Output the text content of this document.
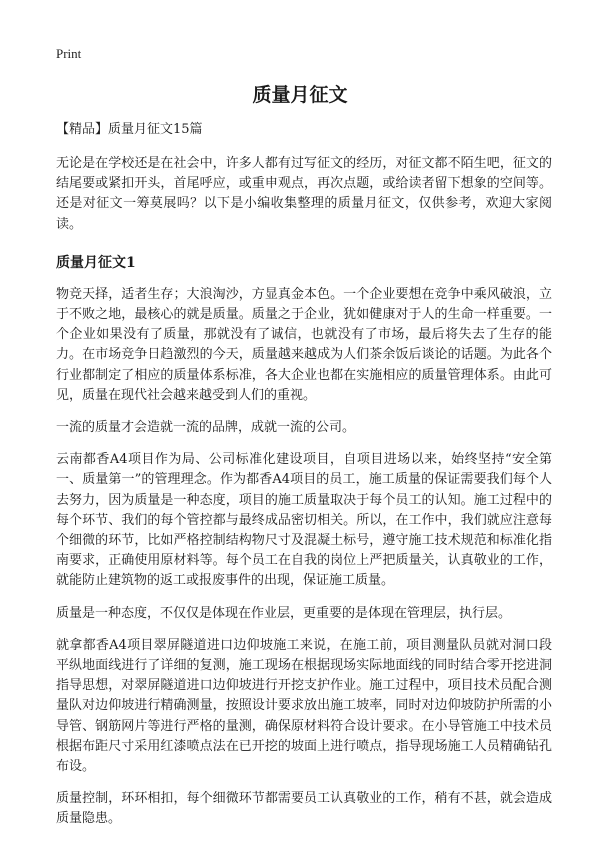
Print
质量月征文
【精品】质量月征文15篇

无论是在学校还是在社会中，许多人都有过写征文的经历，对征文都不陌生吧，征文的结尾要或紧扣开头，首尾呼应，或重申观点，再次点题，或给读者留下想象的空间等。还是对征文一筹莫展吗？以下是小编收集整理的质量月征文，仅供参考，欢迎大家阅读。

质量月征文1

物竞天择，适者生存；大浪淘沙，方显真金本色。一个企业要想在竞争中乘风破浪，立于不败之地，最核心的就是质量。质量之于企业，犹如健康对于人的生命一样重要。一个企业如果没有了质量，那就没有了诚信，也就没有了市场，最后将失去了生存的能力。在市场竞争日趋激烈的今天，质量越来越成为人们茶余饭后谈论的话题。为此各个行业都制定了相应的质量体系标准，各大企业也都在实施相应的质量管理体系。由此可见，质量在现代社会越来越受到人们的重视。

一流的质量才会造就一流的品牌，成就一流的公司。

云南都香A4项目作为局、公司标准化建设项目，自项目进场以来，始终坚持“安全第一、质量第一”的管理理念。作为都香A4项目的员工，施工质量的保证需要我们每个人去努力，因为质量是一种态度，项目的施工质量取决于每个员工的认知。施工过程中的每个环节、我们的每个管控都与最终成品密切相关。所以，在工作中，我们就应注意每个细微的环节，比如严格控制结构物尺寸及混凝土标号，遵守施工技术规范和标准化指南要求，正确使用原材料等。每个员工在自我的岗位上严把质量关，认真敬业的工作，就能防止建筑物的返工或报废事件的出现，保证施工质量。

质量是一种态度，不仅仅是体现在作业层，更重要的是体现在管理层，执行层。

就拿都香A4项目翠屏隧道进口边仰坡施工来说，在施工前，项目测量队员就对洞口段平纵地面线进行了详细的复测，施工现场在根据现场实际地面线的同时结合零开挖进洞指导思想，对翠屏隧道进口边仰坡进行开挖支护作业。施工过程中，项目技术员配合测量队对边仰坡进行精确测量，按照设计要求放出施工坡率，同时对边仰坡防护所需的小导管、钢筋网片等进行严格的量测，确保原材料符合设计要求。在小导管施工中技术员根据布距尺寸采用红漆喷点法在已开挖的坡面上进行喷点，指导现场施工人员精确钻孔布设。

质量控制，环环相扣，每个细微环节都需要员工认真敬业的工作，稍有不甚，就会造成质量隐患。
